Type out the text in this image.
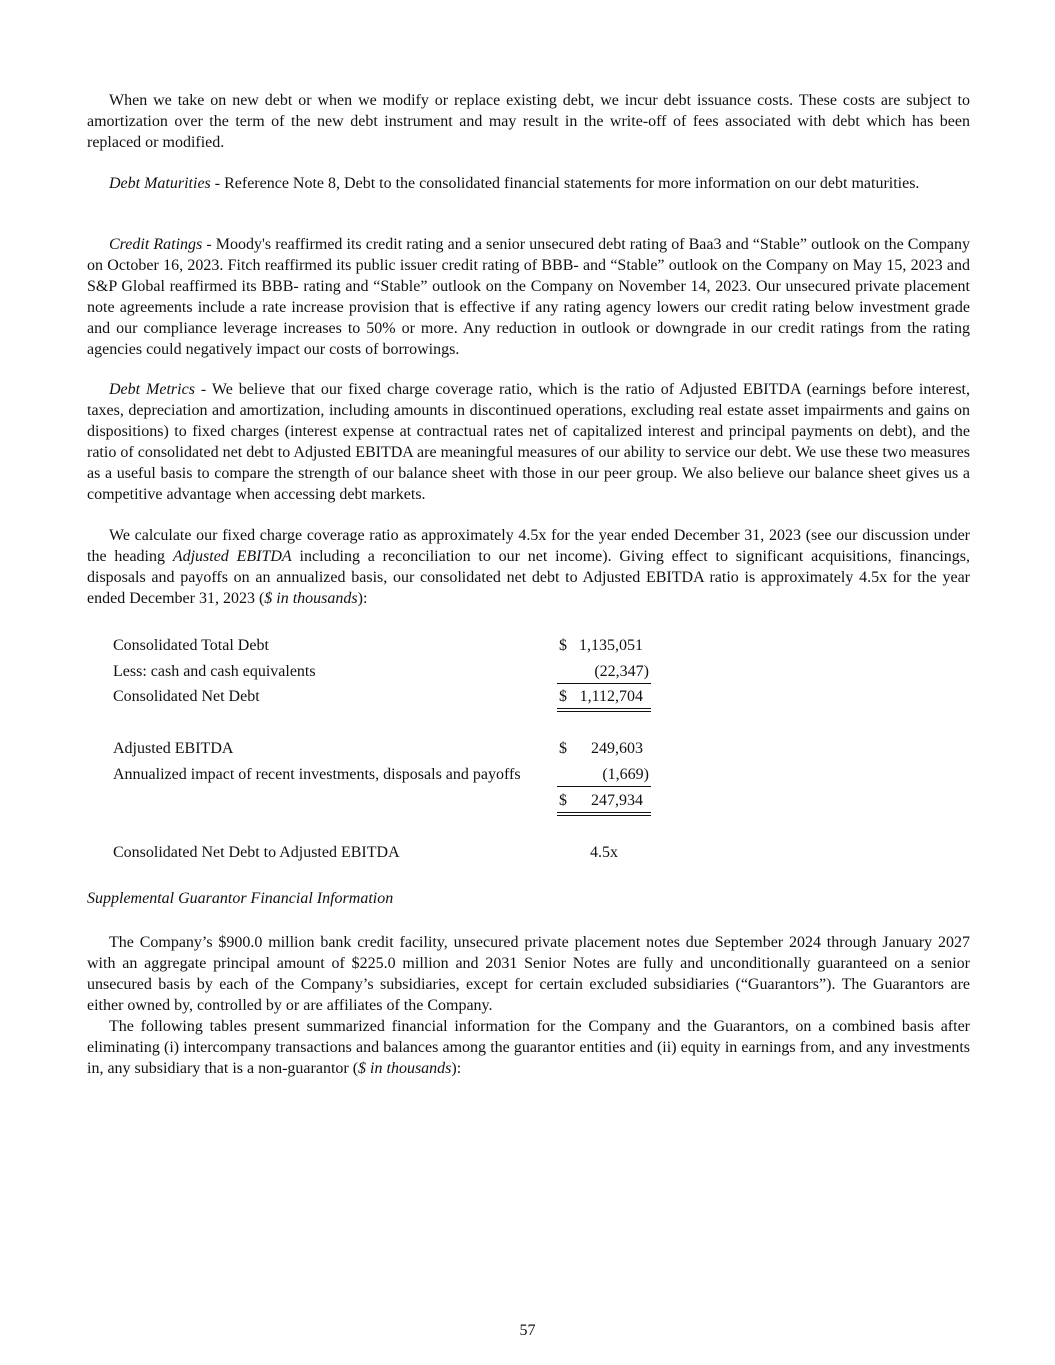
When we take on new debt or when we modify or replace existing debt, we incur debt issuance costs. These costs are subject to amortization over the term of the new debt instrument and may result in the write-off of fees associated with debt which has been replaced or modified.

Debt Maturities - Reference Note 8, Debt to the consolidated financial statements for more information on our debt maturities.

Credit Ratings - Moody's reaffirmed its credit rating and a senior unsecured debt rating of Baa3 and “Stable” outlook on the Company on October 16, 2023. Fitch reaffirmed its public issuer credit rating of BBB- and “Stable” outlook on the Company on May 15, 2023 and S&P Global reaffirmed its BBB- rating and “Stable” outlook on the Company on November 14, 2023. Our unsecured private placement note agreements include a rate increase provision that is effective if any rating agency lowers our credit rating below investment grade and our compliance leverage increases to 50% or more. Any reduction in outlook or downgrade in our credit ratings from the rating agencies could negatively impact our costs of borrowings.

Debt Metrics - We believe that our fixed charge coverage ratio, which is the ratio of Adjusted EBITDA (earnings before interest, taxes, depreciation and amortization, including amounts in discontinued operations, excluding real estate asset impairments and gains on dispositions) to fixed charges (interest expense at contractual rates net of capitalized interest and principal payments on debt), and the ratio of consolidated net debt to Adjusted EBITDA are meaningful measures of our ability to service our debt. We use these two measures as a useful basis to compare the strength of our balance sheet with those in our peer group. We also believe our balance sheet gives us a competitive advantage when accessing debt markets.

We calculate our fixed charge coverage ratio as approximately 4.5x for the year ended December 31, 2023 (see our discussion under the heading Adjusted EBITDA including a reconciliation to our net income). Giving effect to significant acquisitions, financings, disposals and payoffs on an annualized basis, our consolidated net debt to Adjusted EBITDA ratio is approximately 4.5x for the year ended December 31, 2023 ($ in thousands):

Consolidated Total Debt	$ 1,135,051
Less: cash and cash equivalents	(22,347)
Consolidated Net Debt	$ 1,112,704
Adjusted EBITDA	$ 249,603
Annualized impact of recent investments, disposals and payoffs	(1,669)
$ 247,934
Consolidated Net Debt to Adjusted EBITDA	4.5x
Supplemental Guarantor Financial Information

The Company’s $900.0 million bank credit facility, unsecured private placement notes due September 2024 through January 2027 with an aggregate principal amount of $225.0 million and 2031 Senior Notes are fully and unconditionally guaranteed on a senior unsecured basis by each of the Company’s subsidiaries, except for certain excluded subsidiaries (“Guarantors”). The Guarantors are either owned by, controlled by or are affiliates of the Company.

The following tables present summarized financial information for the Company and the Guarantors, on a combined basis after eliminating (i) intercompany transactions and balances among the guarantor entities and (ii) equity in earnings from, and any investments in, any subsidiary that is a non-guarantor ($ in thousands):

57
